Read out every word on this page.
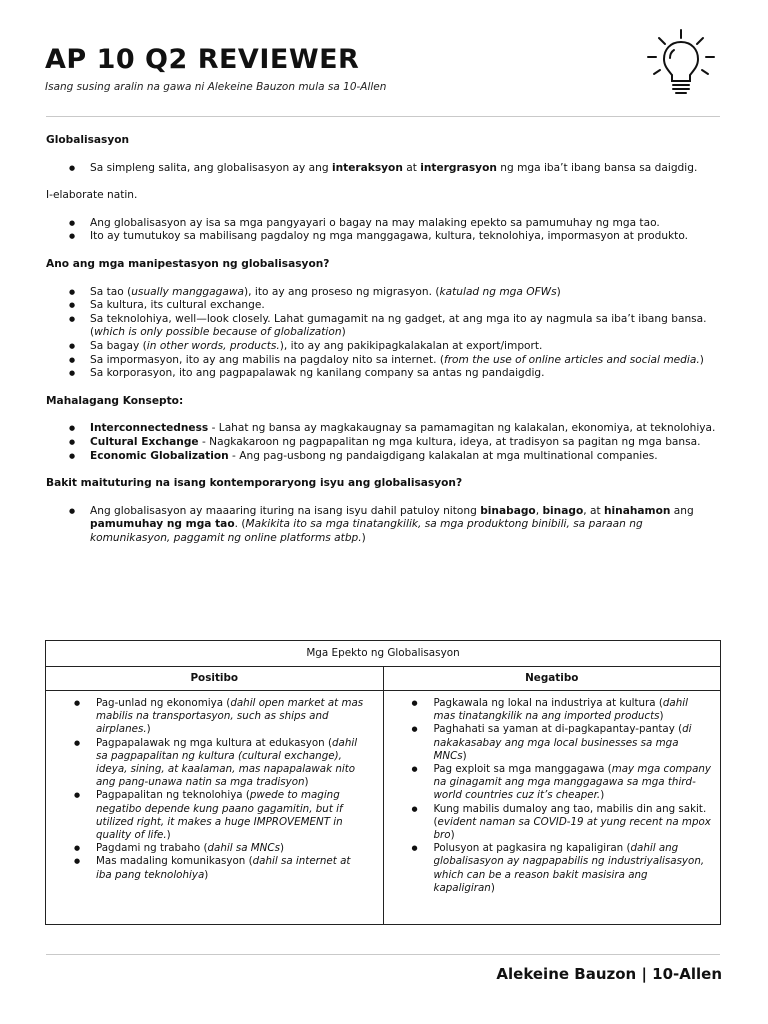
AP 10 Q2 REVIEWER
Isang susing aralin na gawa ni Alekeine Bauzon mula sa 10-Allen
Globalisasyon
● Sa simpleng salita, ang globalisasyon ay ang interaksyon at intergrasyon ng mga iba’t ibang bansa sa daigdig.
I-elaborate natin.
● Ang globalisasyon ay isa sa mga pangyayari o bagay na may malaking epekto sa pamumuhay ng mga tao.
● Ito ay tumutukoy sa mabilisang pagdaloy ng mga manggagawa, kultura, teknolohiya, impormasyon at produkto.
Ano ang mga manipestasyon ng globalisasyon?
● Sa tao (usually manggagawa), ito ay ang proseso ng migrasyon. (katulad ng mga OFWs)
● Sa kultura, its cultural exchange.
● Sa teknolohiya, well—look closely. Lahat gumagamit na ng gadget, at ang mga ito ay nagmula sa iba’t ibang bansa. (which is only possible because of globalization)
● Sa bagay (in other words, products.), ito ay ang pakikipagkalakalan at export/import.
● Sa impormasyon, ito ay ang mabilis na pagdaloy nito sa internet. (from the use of online articles and social media.)
● Sa korporasyon, ito ang pagpapalawak ng kanilang company sa antas ng pandaigdig.
Mahalagang Konsepto:
● Interconnectedness - Lahat ng bansa ay magkakaugnay sa pamamagitan ng kalakalan, ekonomiya, at teknolohiya.
● Cultural Exchange - Nagkakaroon ng pagpapalitan ng mga kultura, ideya, at tradisyon sa pagitan ng mga bansa.
● Economic Globalization - Ang pag-usbong ng pandaigdigang kalakalan at mga multinational companies.
Bakit maituturing na isang kontemporaryong isyu ang globalisasyon?
● Ang globalisasyon ay maaaring ituring na isang isyu dahil patuloy nitong binabago, binago, at hinahamon ang pamumuhay ng mga tao. (Makikita ito sa mga tinatangkilik, sa mga produktong binibili, sa paraan ng komunikasyon, paggamit ng online platforms atbp.)
Mga Epekto ng Globalisasyon
Positibo	Negatibo
● Pag-unlad ng ekonomiya (dahil open market at mas mabilis na transportasyon, such as ships and airplanes.)
● Pagpapalawak ng mga kultura at edukasyon (dahil sa pagpapalitan ng kultura (cultural exchange), ideya, sining, at kaalaman, mas napapalawak nito ang pang-unawa natin sa mga tradisyon)
● Pagpapalitan ng teknolohiya (pwede to maging negatibo depende kung paano gagamitin, but if utilized right, it makes a huge IMPROVEMENT in quality of life.)
● Pagdami ng trabaho (dahil sa MNCs)
● Mas madaling komunikasyon (dahil sa internet at iba pang teknolohiya)
● Pagkawala ng lokal na industriya at kultura (dahil mas tinatangkilik na ang imported products)
● Paghahati sa yaman at di-pagkapantay-pantay (di nakakasabay ang mga local businesses sa mga MNCs)
● Pag exploit sa mga manggagawa (may mga company na ginagamit ang mga manggagawa sa mga third-world countries cuz it’s cheaper.)
● Kung mabilis dumaloy ang tao, mabilis din ang sakit. (evident naman sa COVID-19 at yung recent na mpox bro)
● Polusyon at pagkasira ng kapaligiran (dahil ang globalisasyon ay nagpapabilis ng industriyalisasyon, which can be a reason bakit masisira ang kapaligiran)
Alekeine Bauzon | 10-Allen
